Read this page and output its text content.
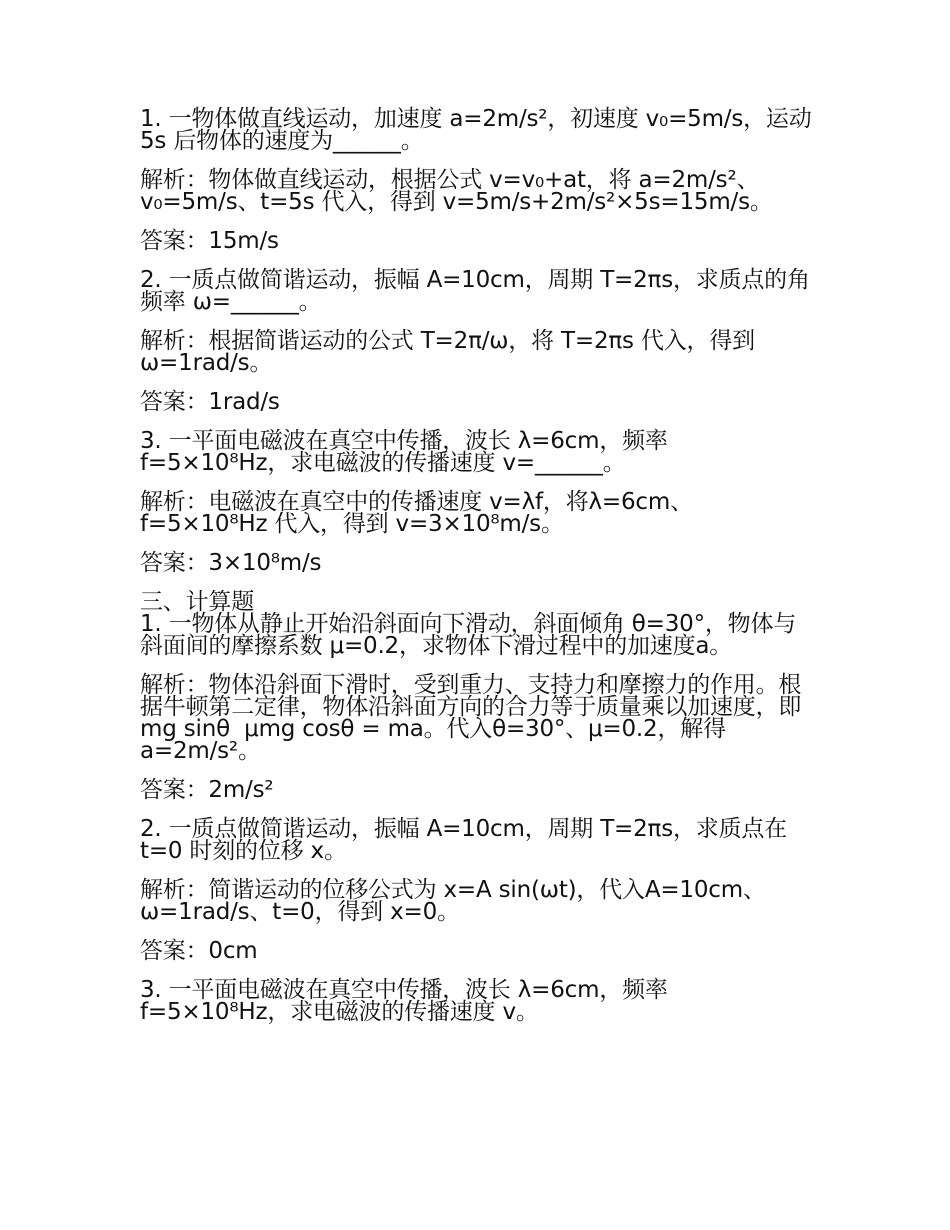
1. 一物体做直线运动，加速度 a=2m/s²，初速度 v₀=5m/s，运动 5s 后物体的速度为______。

解析：物体做直线运动，根据公式 v=v₀+at，将 a=2m/s²、v₀=5m/s、t=5s 代入，得到 v=5m/s+2m/s²×5s=15m/s。

答案：15m/s

2. 一质点做简谐运动，振幅 A=10cm，周期 T=2πs，求质点的角频率 ω=______。

解析：根据简谐运动的公式 T=2π/ω，将 T=2πs 代入，得到ω=1rad/s。

答案：1rad/s

3. 一平面电磁波在真空中传播，波长 λ=6cm，频率f=5×10⁸Hz，求电磁波的传播速度 v=______。

解析：电磁波在真空中的传播速度 v=λf，将λ=6cm、f=5×10⁸Hz 代入，得到 v=3×10⁸m/s。

答案：3×10⁸m/s

三、计算题

1. 一物体从静止开始沿斜面向下滑动，斜面倾角 θ=30°，物体与斜面间的摩擦系数 μ=0.2，求物体下滑过程中的加速度a。

解析：物体沿斜面下滑时，受到重力、支持力和摩擦力的作用。根据牛顿第二定律，物体沿斜面方向的合力等于质量乘以加速度，即 mg sinθ  μmg cosθ = ma。代入θ=30°、μ=0.2，解得 a=2m/s²。

答案：2m/s²

2. 一质点做简谐运动，振幅 A=10cm，周期 T=2πs，求质点在 t=0 时刻的位移 x。

解析：简谐运动的位移公式为 x=A sin(ωt)，代入A=10cm、ω=1rad/s、t=0，得到 x=0。

答案：0cm

3. 一平面电磁波在真空中传播，波长 λ=6cm，频率f=5×10⁸Hz，求电磁波的传播速度 v。
